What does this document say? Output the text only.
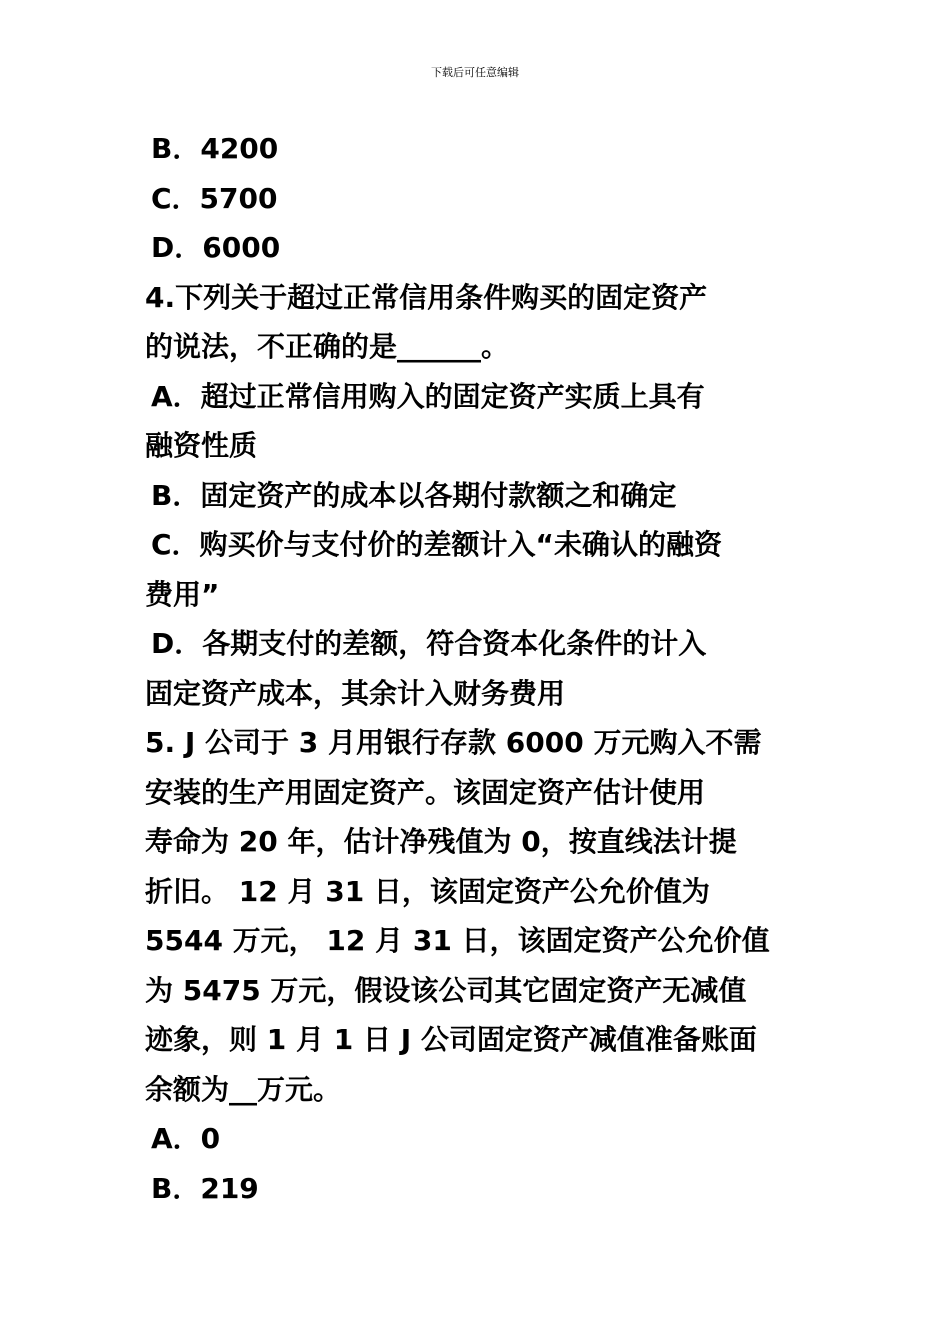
下载后可任意编辑
B．4200
C．5700
D．6000
4.下列关于超过正常信用条件购买的固定资产
的说法，不正确的是______。
A．超过正常信用购入的固定资产实质上具有
融资性质
B．固定资产的成本以各期付款额之和确定
C．购买价与支付价的差额计入“未确认的融资
费用”
D．各期支付的差额，符合资本化条件的计入
固定资产成本，其余计入财务费用
5. J 公司于 3 月用银行存款 6000 万元购入不需
安装的生产用固定资产。该固定资产估计使用
寿命为 20 年，估计净残值为 0，按直线法计提
折旧。 12 月 31 日，该固定资产公允价值为
5544 万元， 12 月 31 日，该固定资产公允价值
为 5475 万元，假设该公司其它固定资产无减值
迹象，则 1 月 1 日 J 公司固定资产减值准备账面
余额为__万元。
A．0
B．219
